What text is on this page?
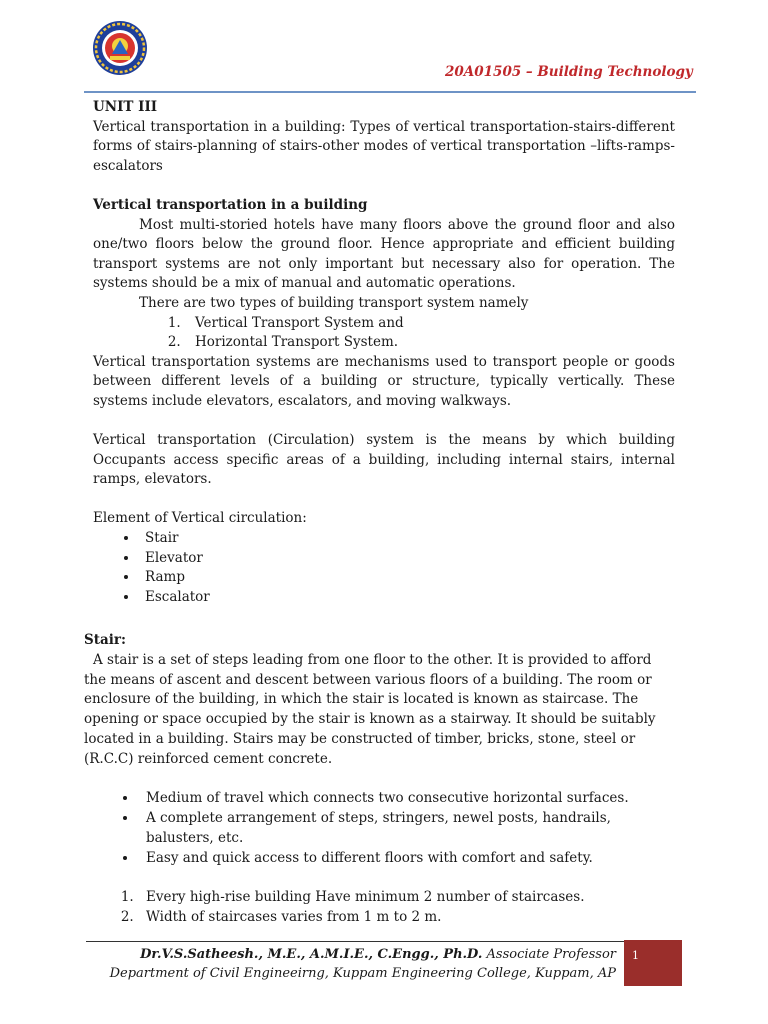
20A01505 – Building Technology

UNIT III

Vertical transportation in a building: Types of vertical transportation-stairs-different forms of stairs-planning of stairs-other modes of vertical transportation –lifts-ramps-escalators

Vertical transportation in a building

Most multi-storied hotels have many floors above the ground floor and also one/two floors below the ground floor. Hence appropriate and efficient building transport systems are not only important but necessary also for operation. The systems should be a mix of manual and automatic operations.

There are two types of building transport system namely

1. Vertical Transport System and
2. Horizontal Transport System.

Vertical transportation systems are mechanisms used to transport people or goods between different levels of a building or structure, typically vertically. These systems include elevators, escalators, and moving walkways.

Vertical transportation (Circulation) system is the means by which building Occupants access specific areas of a building, including internal stairs, internal ramps, elevators.

Element of Vertical circulation:

• Stair
• Elevator
• Ramp
• Escalator

Stair:

A stair is a set of steps leading from one floor to the other. It is provided to afford the means of ascent and descent between various floors of a building. The room or enclosure of the building, in which the stair is located is known as staircase. The opening or space occupied by the stair is known as a stairway. It should be suitably located in a building. Stairs may be constructed of timber, bricks, stone, steel or (R.C.C) reinforced cement concrete.

• Medium of travel which connects two consecutive horizontal surfaces.
• A complete arrangement of steps, stringers, newel posts, handrails, balusters, etc.
• Easy and quick access to different floors with comfort and safety.
1. Every high-rise building Have minimum 2 number of staircases.
2. Width of staircases varies from 1 m to 2 m.
Dr.V.S.Satheesh., M.E., A.M.I.E., C.Engg., Ph.D. Associate Professor
Department of Civil Engineeirng, Kuppam Engineering College, Kuppam, AP
1
